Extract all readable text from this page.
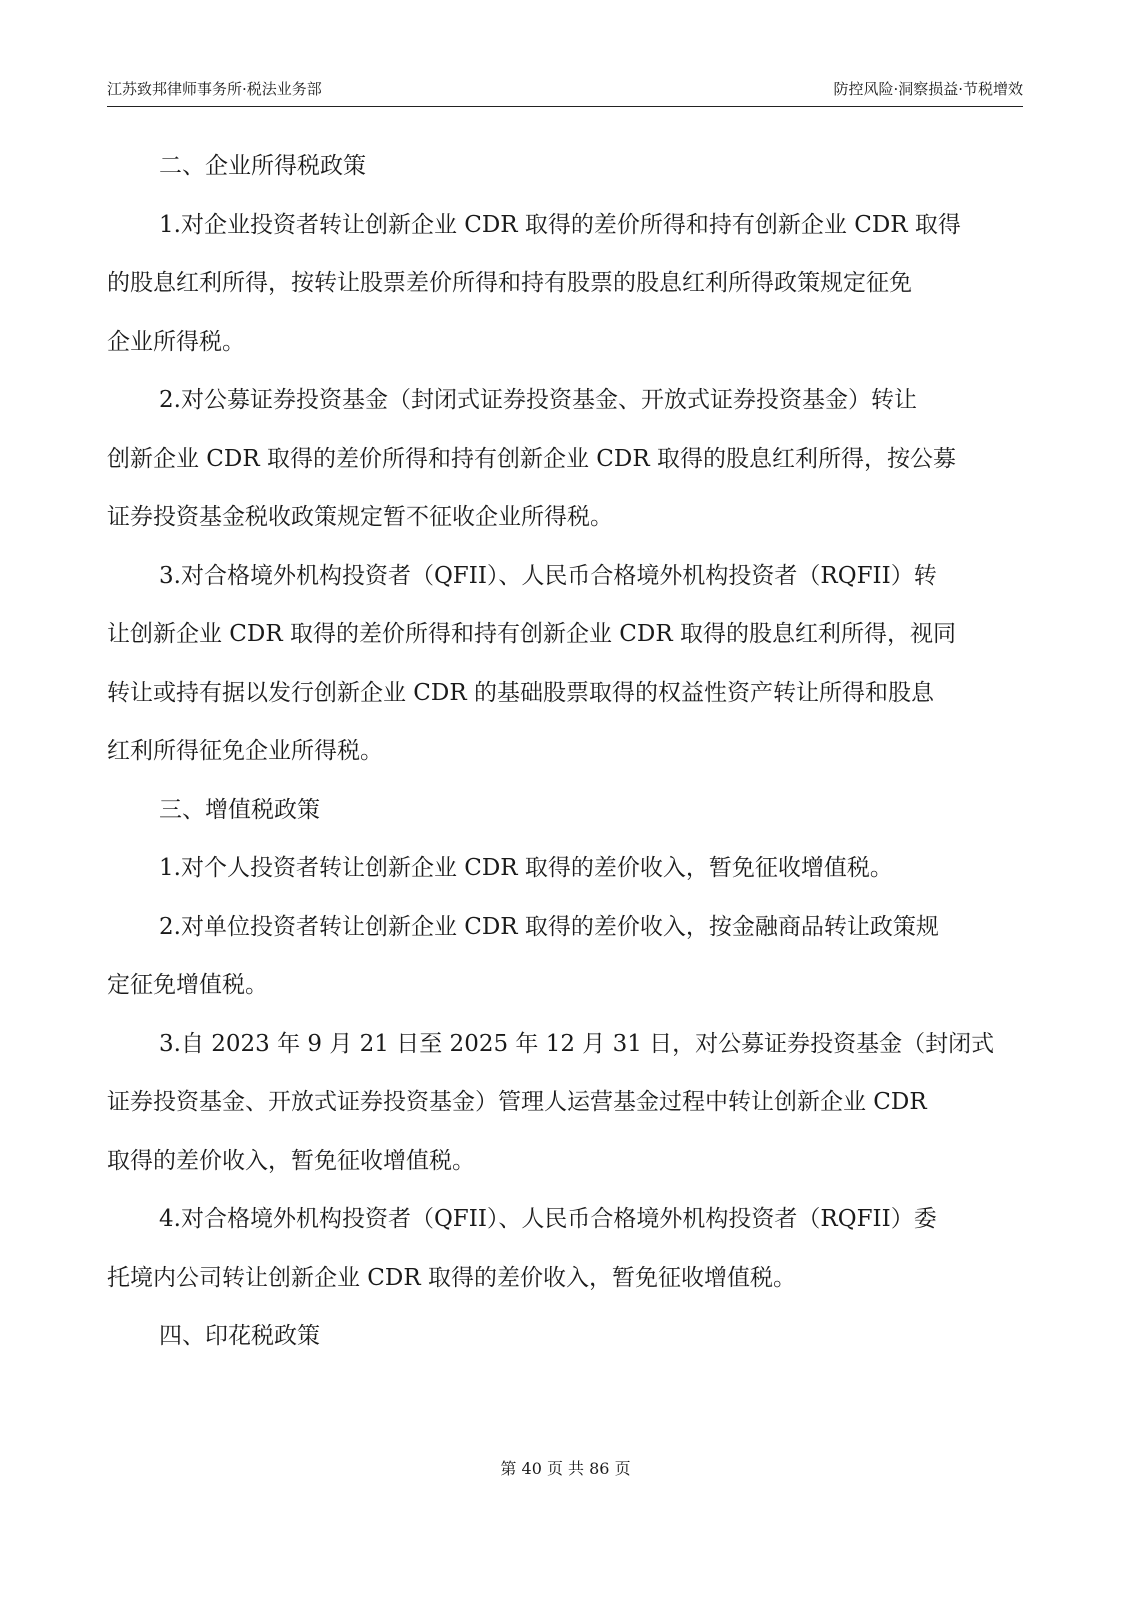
江苏致邦律师事务所·税法业务部	防控风险·洞察损益·节税增效

二、企业所得税政策

1.对企业投资者转让创新企业 CDR 取得的差价所得和持有创新企业 CDR 取得

的股息红利所得，按转让股票差价所得和持有股票的股息红利所得政策规定征免

企业所得税。

2.对公募证券投资基金（封闭式证券投资基金、开放式证券投资基金）转让

创新企业 CDR 取得的差价所得和持有创新企业 CDR 取得的股息红利所得，按公募

证券投资基金税收政策规定暂不征收企业所得税。

3.对合格境外机构投资者（QFII）、人民币合格境外机构投资者（RQFII）转

让创新企业 CDR 取得的差价所得和持有创新企业 CDR 取得的股息红利所得，视同

转让或持有据以发行创新企业 CDR 的基础股票取得的权益性资产转让所得和股息

红利所得征免企业所得税。

三、增值税政策

1.对个人投资者转让创新企业 CDR 取得的差价收入，暂免征收增值税。

2.对单位投资者转让创新企业 CDR 取得的差价收入，按金融商品转让政策规

定征免增值税。

3.自 2023 年 9 月 21 日至 2025 年 12 月 31 日，对公募证券投资基金（封闭式

证券投资基金、开放式证券投资基金）管理人运营基金过程中转让创新企业 CDR

取得的差价收入，暂免征收增值税。

4.对合格境外机构投资者（QFII）、人民币合格境外机构投资者（RQFII）委

托境内公司转让创新企业 CDR 取得的差价收入，暂免征收增值税。

四、印花税政策

第 40 页 共 86 页
